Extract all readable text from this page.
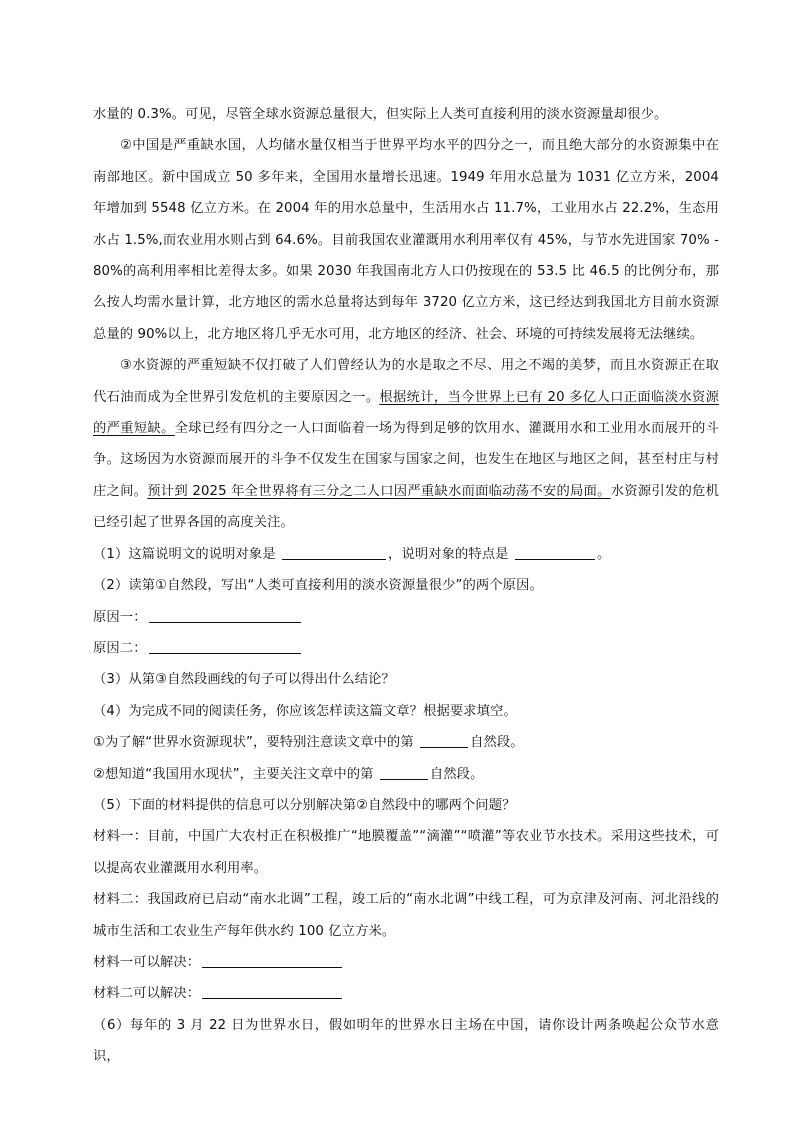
水量的 0.3%。可见，尽管全球水资源总量很大，但实际上人类可直接利用的淡水资源量却很少。

②中国是严重缺水国，人均储水量仅相当于世界平均水平的四分之一，而且绝大部分的水资源集中在南部地区。新中国成立 50 多年来，全国用水量增长迅速。1949 年用水总量为 1031 亿立方米，2004 年增加到 5548 亿立方米。在 2004 年的用水总量中，生活用水占 11.7%，工业用水占 22.2%，生态用水占 1.5%,而农业用水则占到 64.6%。目前我国农业灌溉用水利用率仅有 45%，与节水先进国家 70% - 80%的高利用率相比差得太多。如果 2030 年我国南北方人口仍按现在的 53.5 比 46.5 的比例分布，那么按人均需水量计算，北方地区的需水总量将达到每年 3720 亿立方米，这已经达到我国北方目前水资源总量的 90%以上，北方地区将几乎无水可用，北方地区的经济、社会、环境的可持续发展将无法继续。

③水资源的严重短缺不仅打破了人们曾经认为的水是取之不尽、用之不竭的美梦，而且水资源正在取代石油而成为全世界引发危机的主要原因之一。根据统计，当今世界上已有 20 多亿人口正面临淡水资源的严重短缺。全球已经有四分之一人口面临着一场为得到足够的饮用水、灌溉用水和工业用水而展开的斗争。这场因为水资源而展开的斗争不仅发生在国家与国家之间，也发生在地区与地区之间，甚至村庄与村庄之间。预计到 2025 年全世界将有三分之二人口因严重缺水而面临动荡不安的局面。水资源引发的危机已经引起了世界各国的高度关注。

（1）这篇说明文的说明对象是	，说明对象的特点是	。

（2）读第①自然段，写出“人类可直接利用的淡水资源量很少”的两个原因。

原因一：

原因二：

（3）从第③自然段画线的句子可以得出什么结论？

（4）为完成不同的阅读任务，你应该怎样读这篇文章？根据要求填空。

①为了解“世界水资源现状”，要特别注意读文章中的第	自然段。

②想知道“我国用水现状”，主要关注文章中的第	自然段。

（5）下面的材料提供的信息可以分别解决第②自然段中的哪两个问题？

材料一：目前，中国广大农村正在积极推广“地膜覆盖”“滴灌”“喷灌”等农业节水技术。采用这些技术，可以提高农业灌溉用水利用率。

材料二：我国政府已启动“南水北调”工程，竣工后的“南水北调”中线工程，可为京津及河南、河北沿线的城市生活和工农业生产每年供水约 100 亿立方米。

材料一可以解决：

材料二可以解决：

（6）每年的 3 月 22 日为世界水日，假如明年的世界水日主场在中国，请你设计两条唤起公众节水意识，
